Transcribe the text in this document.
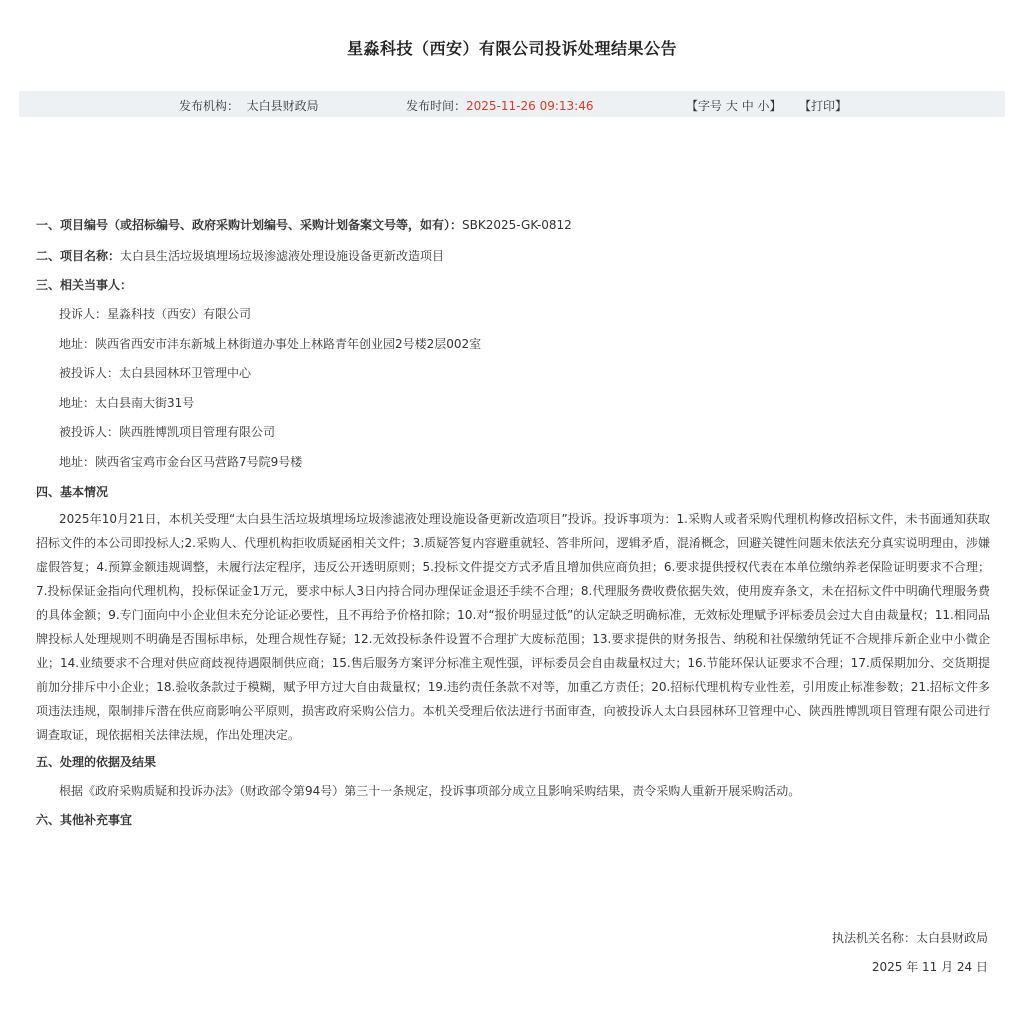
星淼科技（西安）有限公司投诉处理结果公告
发布机构： 太白县财政局	发布时间：2025-11-26 09:13:46	【字号 大 中 小】 【打印】

一、项目编号（或招标编号、政府采购计划编号、采购计划备案文号等，如有）：SBK2025-GK-0812

二、项目名称：太白县生活垃圾填埋场垃圾渗滤液处理设施设备更新改造项目

三、相关当事人：

投诉人：星淼科技（西安）有限公司
地址：陕西省西安市沣东新城上林街道办事处上林路青年创业园2号楼2层002室
被投诉人：太白县园林环卫管理中心
地址：太白县南大街31号
被投诉人：陕西胜博凯项目管理有限公司
地址：陕西省宝鸡市金台区马营路7号院9号楼

四、基本情况

2025年10月21日，本机关受理“太白县生活垃圾填埋场垃圾渗滤液处理设施设备更新改造项目”投诉。投诉事项为：1.采购人或者采购代理机构修改招标文件，未书面通知获取招标文件的本公司即投标人;2.采购人、代理机构拒收质疑函相关文件；3.质疑答复内容避重就轻、答非所问，逻辑矛盾，混淆概念，回避关键性问题未依法充分真实说明理由，涉嫌虚假答复；4.预算金额违规调整，未履行法定程序，违反公开透明原则；5.投标文件提交方式矛盾且增加供应商负担；6.要求提供授权代表在本单位缴纳养老保险证明要求不合理；7.投标保证金指向代理机构，投标保证金1万元，要求中标人3日内持合同办理保证金退还手续不合理；8.代理服务费收费依据失效，使用废弃条文，未在招标文件中明确代理服务费的具体金额；9.专门面向中小企业但未充分论证必要性，且不再给予价格扣除；10.对“报价明显过低”的认定缺乏明确标准，无效标处理赋予评标委员会过大自由裁量权；11.相同品牌投标人处理规则不明确是否围标串标，处理合规性存疑；12.无效投标条件设置不合理扩大废标范围；13.要求提供的财务报告、纳税和社保缴纳凭证不合规排斥新企业中小微企业；14.业绩要求不合理对供应商歧视待遇限制供应商；15.售后服务方案评分标准主观性强，评标委员会自由裁量权过大；16.节能环保认证要求不合理；17.质保期加分、交货期提前加分排斥中小企业；18.验收条款过于模糊，赋予甲方过大自由裁量权；19.违约责任条款不对等，加重乙方责任；20.招标代理机构专业性差，引用废止标准参数；21.招标文件多项违法违规，限制排斥潜在供应商影响公平原则，损害政府采购公信力。本机关受理后依法进行书面审查，向被投诉人太白县园林环卫管理中心、陕西胜博凯项目管理有限公司进行调查取证，现依据相关法律法规，作出处理决定。

五、处理的依据及结果

根据《政府采购质疑和投诉办法》（财政部令第94号）第三十一条规定，投诉事项部分成立且影响采购结果，责令采购人重新开展采购活动。

六、其他补充事宜

执法机关名称：太白县财政局
2025 年 11 月 24 日
